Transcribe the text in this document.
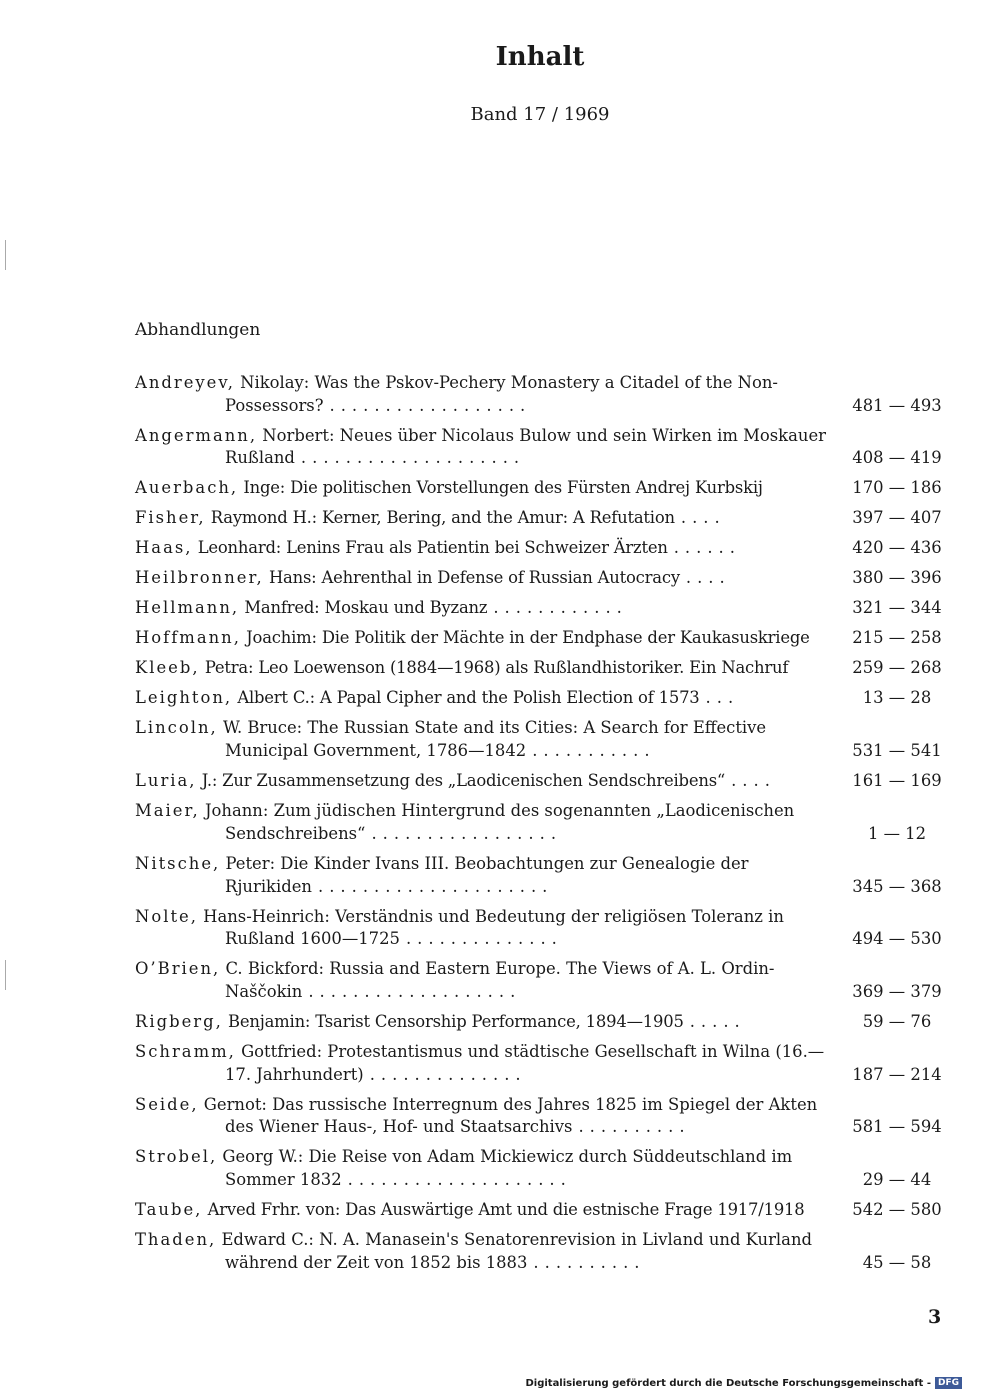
Inhalt
Band 17 / 1969
Abhandlungen
Andreyev, Nikolay: Was the Pskov-Pechery Monastery a Citadel of the Non-Possessors? ..................	481 — 493
Angermann, Norbert: Neues über Nicolaus Bulow und sein Wirken im Moskauer Rußland ....................	408 — 419
Auerbach, Inge: Die politischen Vorstellungen des Fürsten Andrej Kurbskij	170 — 186
Fisher, Raymond H.: Kerner, Bering, and the Amur: A Refutation ....	397 — 407
Haas, Leonhard: Lenins Frau als Patientin bei Schweizer Ärzten ......	420 — 436
Heilbronner, Hans: Aehrenthal in Defense of Russian Autocracy ....	380 — 396
Hellmann, Manfred: Moskau und Byzanz ............	321 — 344
Hoffmann, Joachim: Die Politik der Mächte in der Endphase der Kaukasuskriege	215 — 258
Kleeb, Petra: Leo Loewenson (1884—1968) als Rußlandhistoriker. Ein Nachruf	259 — 268
Leighton, Albert C.: A Papal Cipher and the Polish Election of 1573 ...	13 — 28
Lincoln, W. Bruce: The Russian State and its Cities: A Search for Effective Municipal Government, 1786—1842 ...........	531 — 541
Luria, J.: Zur Zusammensetzung des „Laodicenischen Sendschreibens“ ....	161 — 169
Maier, Johann: Zum jüdischen Hintergrund des sogenannten „Laodicenischen Sendschreibens“ .................	1 — 12
Nitsche, Peter: Die Kinder Ivans III. Beobachtungen zur Genealogie der Rjurikiden .....................	345 — 368
Nolte, Hans-Heinrich: Verständnis und Bedeutung der religiösen Toleranz in Rußland 1600—1725 ..............	494 — 530
O’Brien, C. Bickford: Russia and Eastern Europe. The Views of A. L. Ordin-Naščokin ...................	369 — 379
Rigberg, Benjamin: Tsarist Censorship Performance, 1894—1905 .....	59 — 76
Schramm, Gottfried: Protestantismus und städtische Gesellschaft in Wilna (16.—17. Jahrhundert) ..............	187 — 214
Seide, Gernot: Das russische Interregnum des Jahres 1825 im Spiegel der Akten des Wiener Haus-, Hof- und Staatsarchivs ..........	581 — 594
Strobel, Georg W.: Die Reise von Adam Mickiewicz durch Süddeutschland im Sommer 1832 ....................	29 — 44
Taube, Arved Frhr. von: Das Auswärtige Amt und die estnische Frage 1917/1918	542 — 580
Thaden, Edward C.: N. A. Manasein's Senatorenrevision in Livland und Kurland während der Zeit von 1852 bis 1883 ..........	45 — 58
3
Digitalisierung gefördert durch die Deutsche Forschungsgemeinschaft - DFG
